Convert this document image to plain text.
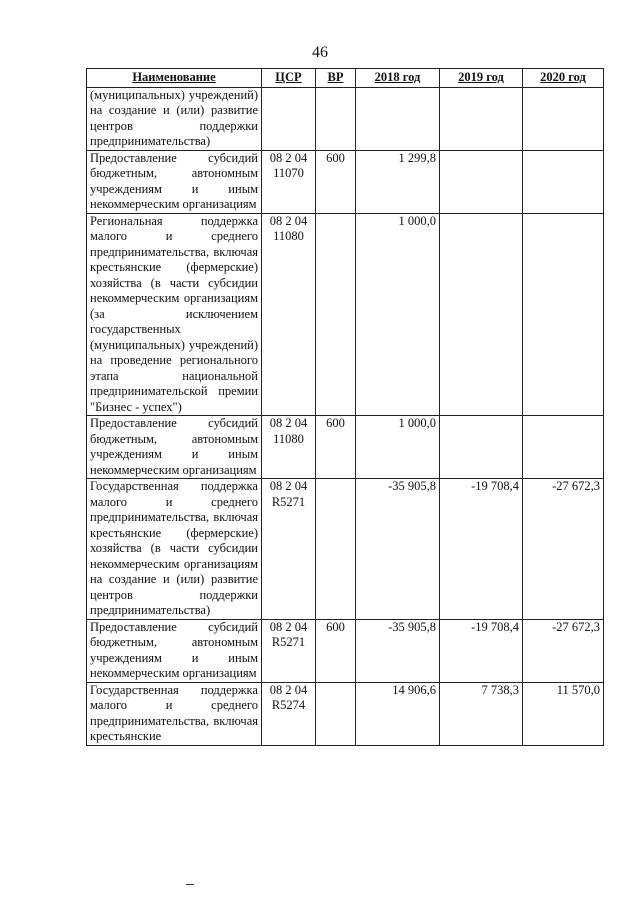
46
Наименование	ЦСР	ВР	2018 год	2019 год	2020 год
(муниципальных) учреждений) на создание и (или) развитие центров поддержки предпринимательства)					
Предоставление субсидий бюджетным, автономным учреждениям и иным некоммерческим организациям	08 2 04 11070	600	1 299,8		
Региональная поддержка малого и среднего предпринимательства, включая крестьянские (фермерские) хозяйства (в части субсидии некоммерческим организациям (за исключением государственных (муниципальных) учреждений) на проведение регионального этапа национальной предпринимательской премии "Бизнес - успех")	08 2 04 11080		1 000,0		
Предоставление субсидий бюджетным, автономным учреждениям и иным некоммерческим организациям	08 2 04 11080	600	1 000,0		
Государственная поддержка малого и среднего предпринимательства, включая крестьянские (фермерские) хозяйства (в части субсидии некоммерческим организациям на создание и (или) развитие центров поддержки предпринимательства)	08 2 04 R5271		-35 905,8	-19 708,4	-27 672,3
Предоставление субсидий бюджетным, автономным учреждениям и иным некоммерческим организациям	08 2 04 R5271	600	-35 905,8	-19 708,4	-27 672,3
Государственная поддержка малого и среднего предпринимательства, включая крестьянские	08 2 04 R5274		14 906,6	7 738,3	11 570,0
